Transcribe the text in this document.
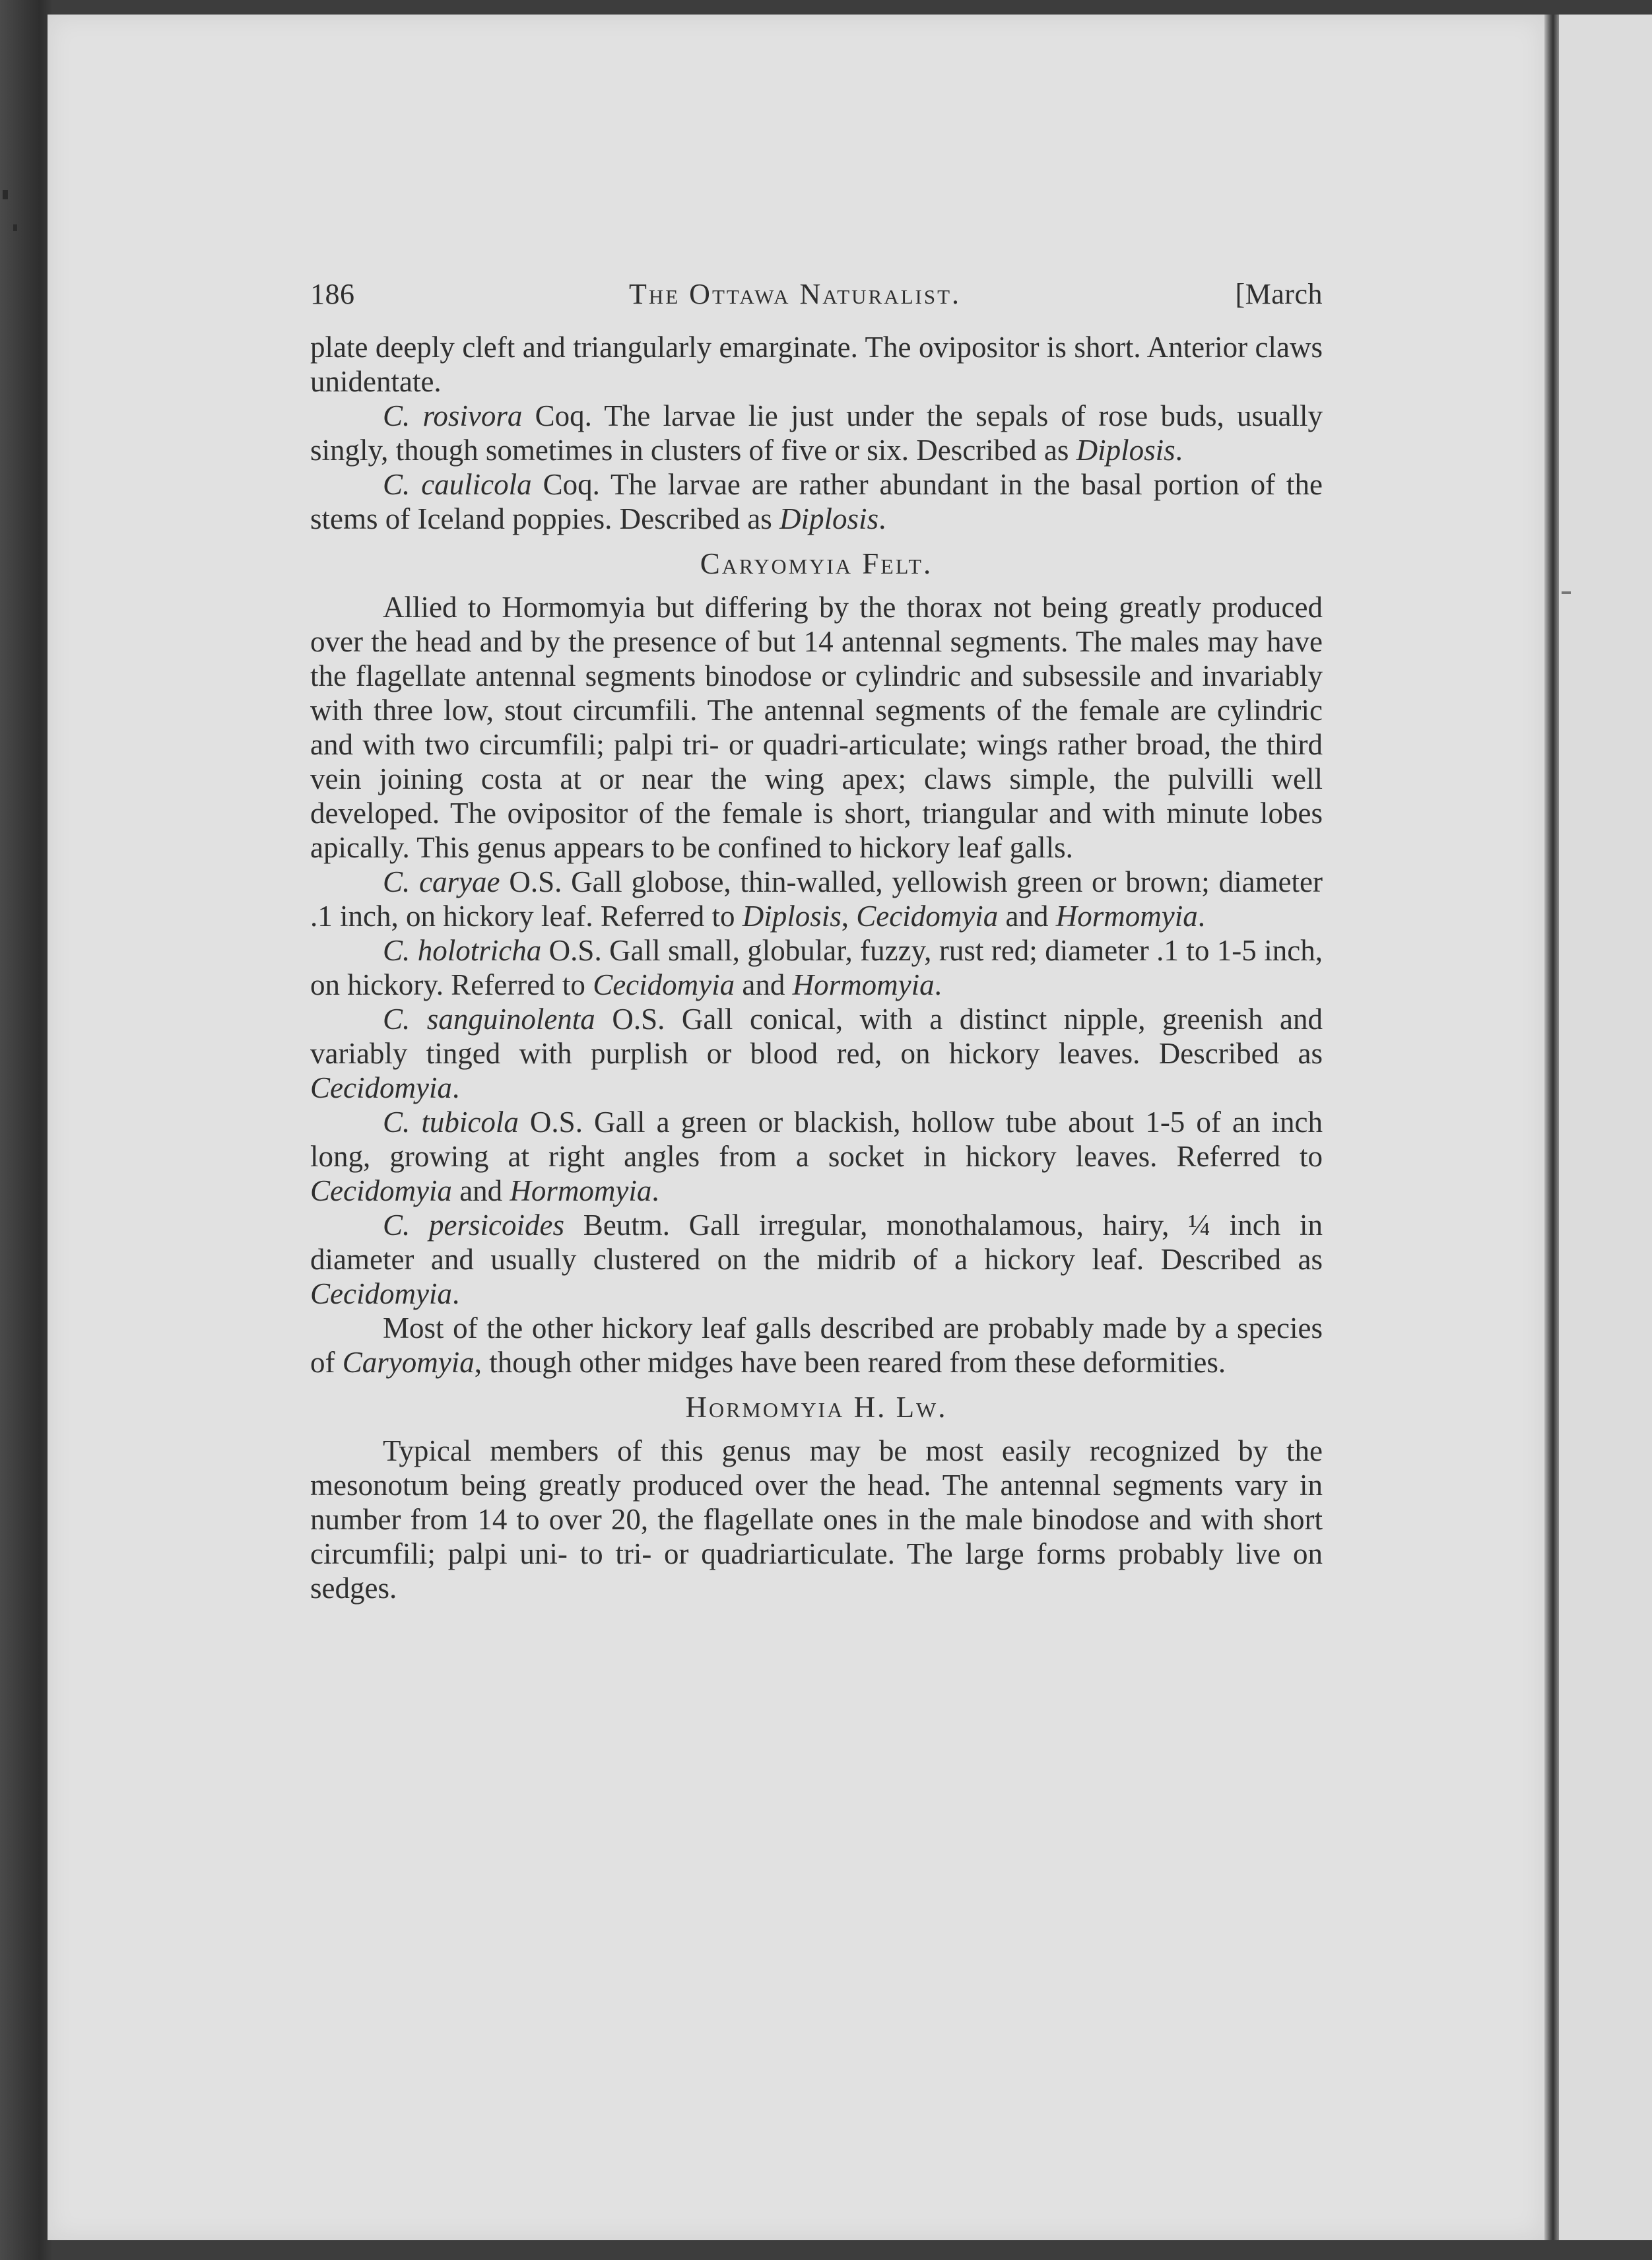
186	The Ottawa Naturalist.	[March

plate deeply cleft and triangularly emarginate. The ovipositor is short. Anterior claws unidentate.

C. rosivora Coq. The larvae lie just under the sepals of rose buds, usually singly, though sometimes in clusters of five or six. Described as Diplosis.

C. caulicola Coq. The larvae are rather abundant in the basal portion of the stems of Iceland poppies. Described as Diplosis.

Caryomyia Felt.

Allied to Hormomyia but differing by the thorax not being greatly produced over the head and by the presence of but 14 antennal segments. The males may have the flagellate antennal segments binodose or cylindric and subsessile and invariably with three low, stout circumfili. The antennal segments of the female are cylindric and with two circumfili; palpi tri- or quadri-articulate; wings rather broad, the third vein joining costa at or near the wing apex; claws simple, the pulvilli well developed. The ovipositor of the female is short, triangular and with minute lobes apically. This genus appears to be confined to hickory leaf galls.

C. caryae O.S. Gall globose, thin-walled, yellowish green or brown; diameter .1 inch, on hickory leaf. Referred to Diplosis, Cecidomyia and Hormomyia.

C. holotricha O.S. Gall small, globular, fuzzy, rust red; diameter .1 to 1-5 inch, on hickory. Referred to Cecidomyia and Hormomyia.

C. sanguinolenta O.S. Gall conical, with a distinct nipple, greenish and variably tinged with purplish or blood red, on hickory leaves. Described as Cecidomyia.

C. tubicola O.S. Gall a green or blackish, hollow tube about 1-5 of an inch long, growing at right angles from a socket in hickory leaves. Referred to Cecidomyia and Hormomyia.

C. persicoides Beutm. Gall irregular, monothalamous, hairy, ¼ inch in diameter and usually clustered on the midrib of a hickory leaf. Described as Cecidomyia.

Most of the other hickory leaf galls described are probably made by a species of Caryomyia, though other midges have been reared from these deformities.

Hormomyia H. Lw.

Typical members of this genus may be most easily recognized by the mesonotum being greatly produced over the head. The antennal segments vary in number from 14 to over 20, the flagellate ones in the male binodose and with short circumfili; palpi uni- to tri- or quadriarticulate. The large forms probably live on sedges.
